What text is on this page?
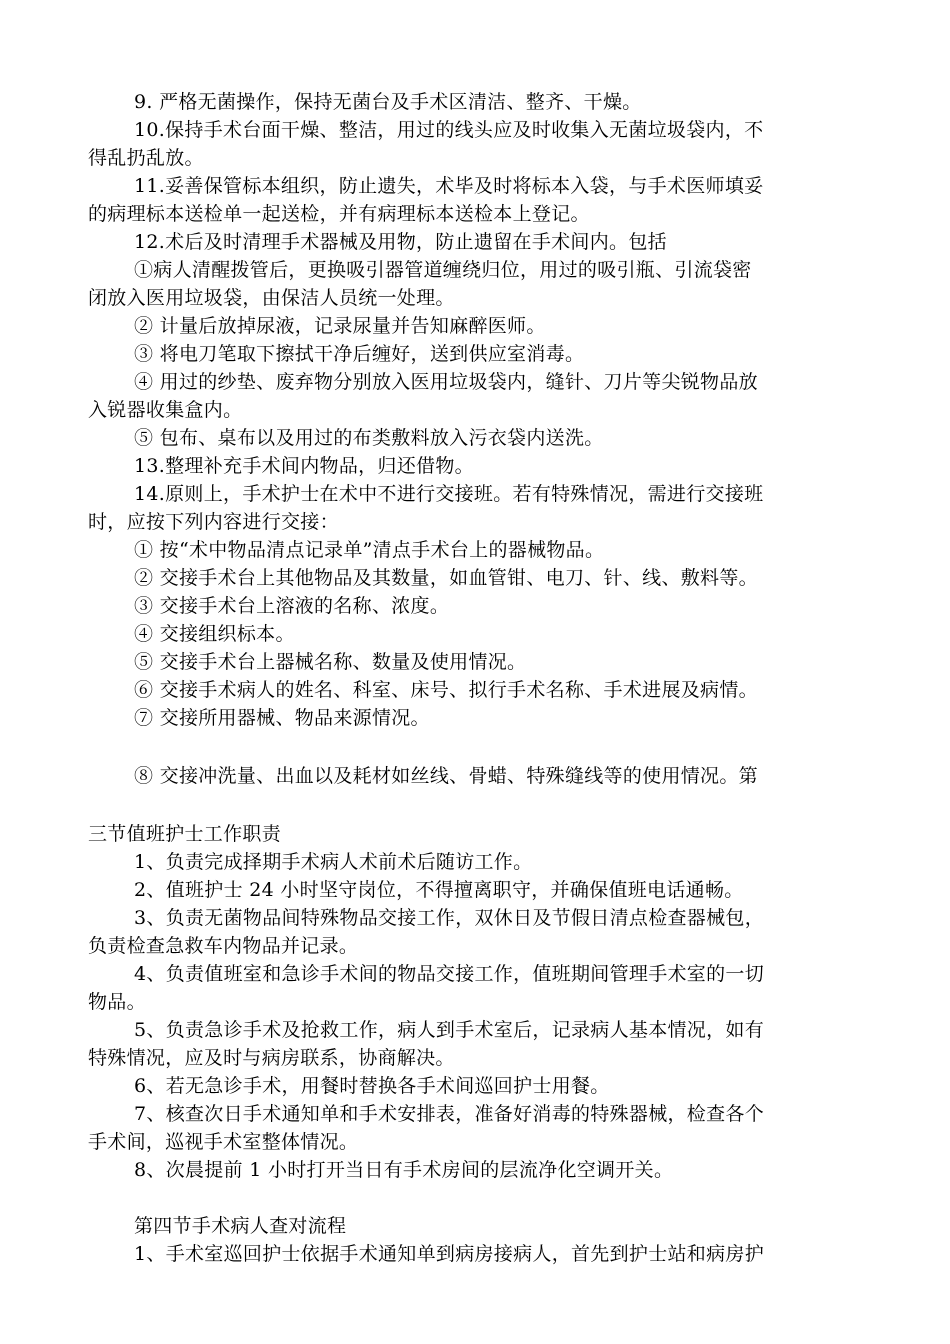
9. 严格无菌操作，保持无菌台及手术区清洁、整齐、干燥。
10.保持手术台面干燥、整洁，用过的线头应及时收集入无菌垃圾袋内，不
得乱扔乱放。
11.妥善保管标本组织，防止遗失，术毕及时将标本入袋，与手术医师填妥
的病理标本送检单一起送检，并有病理标本送检本上登记。
12.术后及时清理手术器械及用物，防止遗留在手术间内。包括
①病人清醒拨管后，更换吸引器管道缠绕归位，用过的吸引瓶、引流袋密
闭放入医用垃圾袋，由保洁人员统一处理。
② 计量后放掉尿液，记录尿量并告知麻醉医师。
③ 将电刀笔取下擦拭干净后缠好，送到供应室消毒。
④ 用过的纱垫、废弃物分别放入医用垃圾袋内，缝针、刀片等尖锐物品放
入锐器收集盒内。
⑤ 包布、桌布以及用过的布类敷料放入污衣袋内送洗。
13.整理补充手术间内物品，归还借物。
14.原则上，手术护士在术中不进行交接班。若有特殊情况，需进行交接班
时，应按下列内容进行交接：
① 按“术中物品清点记录单”清点手术台上的器械物品。
② 交接手术台上其他物品及其数量，如血管钳、电刀、针、线、敷料等。
③ 交接手术台上溶液的名称、浓度。
④ 交接组织标本。
⑤ 交接手术台上器械名称、数量及使用情况。
⑥ 交接手术病人的姓名、科室、床号、拟行手术名称、手术进展及病情。
⑦ 交接所用器械、物品来源情况。
⑧ 交接冲洗量、出血以及耗材如丝线、骨蜡、特殊缝线等的使用情况。第
三节值班护士工作职责
1、负责完成择期手术病人术前术后随访工作。
2、值班护士 24 小时坚守岗位，不得擅离职守，并确保值班电话通畅。
3、负责无菌物品间特殊物品交接工作，双休日及节假日清点检查器械包，
负责检查急救车内物品并记录。
4、负责值班室和急诊手术间的物品交接工作，值班期间管理手术室的一切
物品。
5、负责急诊手术及抢救工作，病人到手术室后，记录病人基本情况，如有
特殊情况，应及时与病房联系，协商解决。
6、若无急诊手术，用餐时替换各手术间巡回护士用餐。
7、核查次日手术通知单和手术安排表，准备好消毒的特殊器械，检查各个
手术间，巡视手术室整体情况。
8、次晨提前 1 小时打开当日有手术房间的层流净化空调开关。
第四节手术病人查对流程
1、手术室巡回护士依据手术通知单到病房接病人，首先到护士站和病房护
